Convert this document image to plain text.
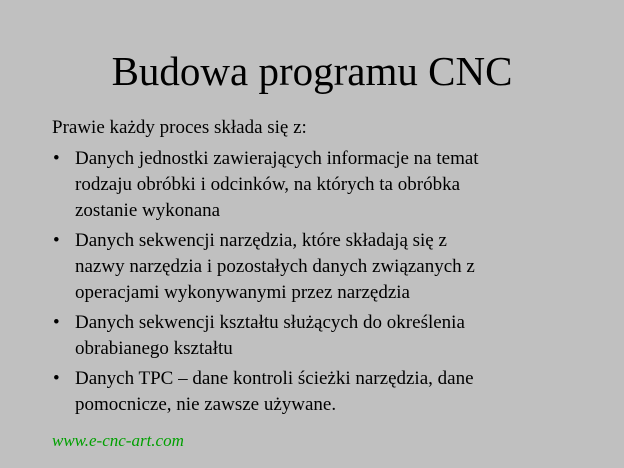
Budowa programu CNC
Prawie każdy proces składa się z:
• Danych jednostki zawierających informacje na temat
rodzaju obróbki i odcinków, na których ta obróbka
zostanie wykonana
• Danych sekwencji narzędzia, które składają się z
nazwy narzędzia i pozostałych danych związanych z
operacjami wykonywanymi przez narzędzia
• Danych sekwencji kształtu służących do określenia
obrabianego kształtu
• Danych TPC – dane kontroli ścieżki narzędzia, dane
pomocnicze, nie zawsze używane.
www.e-cnc-art.com
